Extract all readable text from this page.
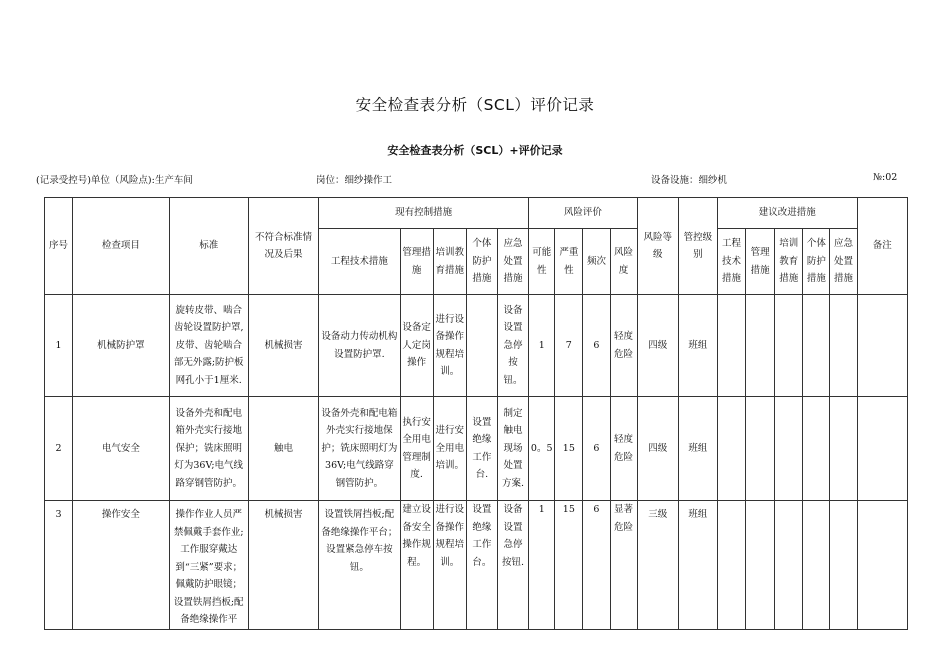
安全检查表分析（SCL）评价记录
安全检查表分析（SCL）+评价记录
(记录受控号)单位（风险点):生产车间	岗位：细纱操作工	设备设施：细纱机	№:02
序号	检查项目	标准	不符合标准情况及后果	现有控制措施					风险评价				风险等级	管控级别	建议改进措施					备注
				工程技术措施	管理措施	培训教育措施	个体防护措施	应急处置措施	可能性	严重性	频次	风险度			工程技术措施	管理措施	培训教育措施	个体防护措施	应急处置措施	
1	机械防护罩	旋转皮带、啮合齿轮设置防护罩,皮带、齿轮啮合部无外露;防护板网孔小于1厘米.	机械损害	设备动力传动机构设置防护罩.	设备定人定岗操作	进行设备操作规程培训。		设备设置急停按钮。	1	7	6	轻度危险	四级	班组						
2	电气安全	设备外壳和配电箱外壳实行接地保护；铣床照明灯为36V;电气线路穿钢管防护。	触电	设备外壳和配电箱外壳实行接地保护；铣床照明灯为36V;电气线路穿钢管防护。	执行安全用电管理制度.	进行安全用电培训。	设置绝缘工作台.	制定触电现场处置方案.	0。5	15	6	轻度危险	四级	班组						
3	操作安全	操作作业人员严禁佩戴手套作业;工作服穿戴达到“三紧”要求；佩戴防护眼镜；设置铁屑挡板;配备绝缘操作平	机械损害	设置铁屑挡板;配备绝缘操作平台；设置紧急停车按钮。	建立设备安全操作规程。	进行设备操作规程培训。	设置绝缘工作台。	设备设置急停按钮.	1	15	6	显著危险	三级	班组						
